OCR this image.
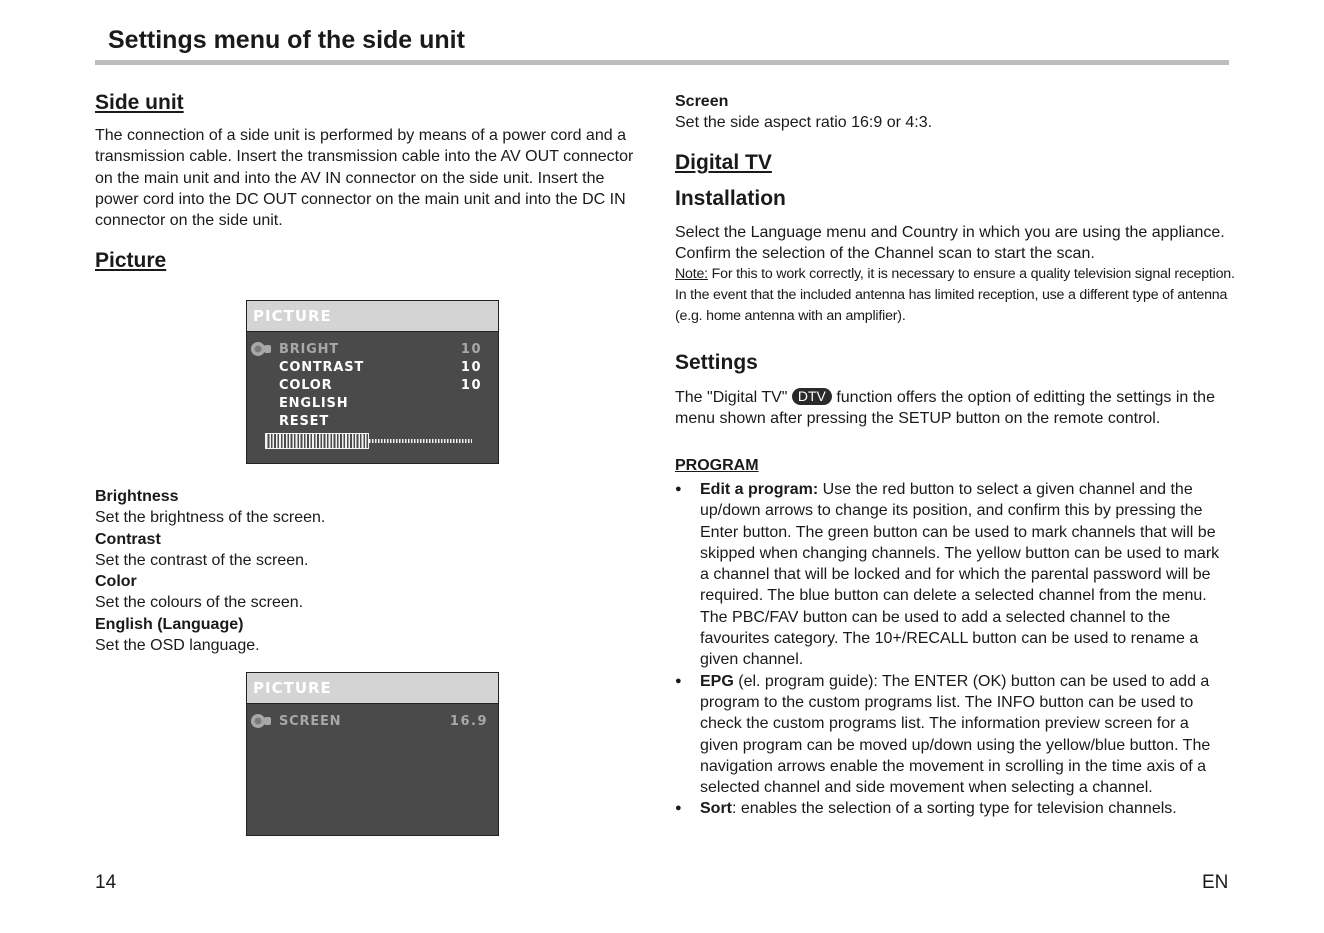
Settings menu of the side unit
Side unit
The connection of a side unit is performed by means of a power cord and a transmission cable. Insert the transmission cable into the AV OUT connector on the main unit and into the AV IN connector on the side unit. Insert the power cord into the DC OUT connector on the main unit and into the DC IN connector on the side unit.
Picture
PICTURE
BRIGHT	10
CONTRAST	10
COLOR	10
ENGLISH
RESET
Brightness
Set the brightness of the screen.
Contrast
Set the contrast of the screen.
Color
Set the colours of the screen.
English (Language)
Set the OSD language.
PICTURE
SCREEN	16.9
Screen
Set the side aspect ratio 16:9 or 4:3.
Digital TV
Installation
Select the Language menu and Country in which you are using the appliance. Confirm the selection of the Channel scan to start the scan.
Note: For this to work correctly, it is necessary to ensure a quality television signal reception. In the event that the included antenna has limited reception, use a different type of antenna (e.g. home antenna with an amplifier).
Settings
The "Digital TV" DTV function offers the option of editting the settings in the menu shown after pressing the SETUP button on the remote control.
PROGRAM
● Edit a program: Use the red button to select a given channel and the up/down arrows to change its position, and confirm this by pressing the Enter button. The green button can be used to mark channels that will be skipped when changing channels. The yellow button can be used to mark a channel that will be locked and for which the parental password will be required. The blue button can delete a selected channel from the menu. The PBC/FAV button can be used to add a selected channel to the favourites category. The 10+/RECALL button can be used to rename a given channel.
● EPG (el. program guide): The ENTER (OK) button can be used to add a program to the custom programs list. The INFO button can be used to check the custom programs list. The information preview screen for a given program can be moved up/down using the yellow/blue button. The navigation arrows enable the movement in scrolling in the time axis of a selected channel and side movement when selecting a channel.
● Sort: enables the selection of a sorting type for television channels.
14	EN
